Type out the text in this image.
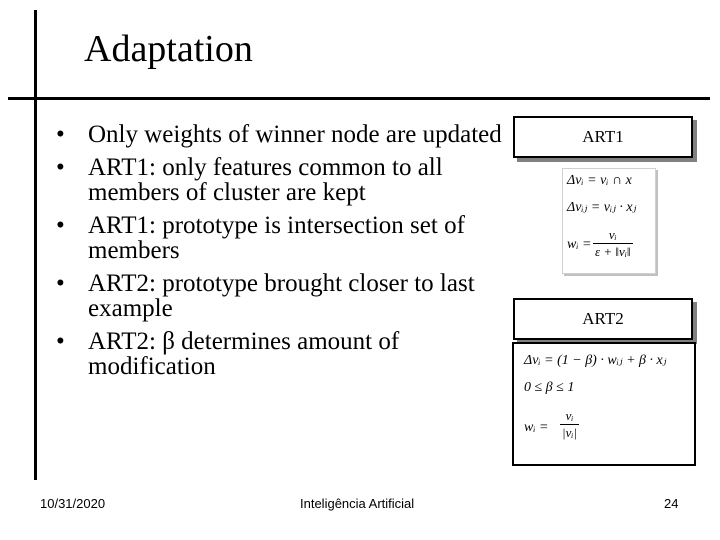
Adaptation
• Only weights of winner node are updated
• ART1: only features common to all members of cluster are kept
• ART1: prototype is intersection set of members
• ART2: prototype brought closer to last example
• ART2: β determines amount of modification
ART1
Δvᵢ = vᵢ ∩ x
Δvᵢⱼ = vᵢⱼ · xⱼ
wᵢ = $\frac{\text{vᵢ}}{\text{ε + ‖vᵢ‖}}$
ART2
Δvᵢ = (1 − β) · wᵢⱼ + β · xⱼ
0 ≤ β ≤ 1
wᵢ = $\frac{\text{vᵢ}}{\text{|vᵢ|}}$
10/31/2020	Inteligência Artificial	24
